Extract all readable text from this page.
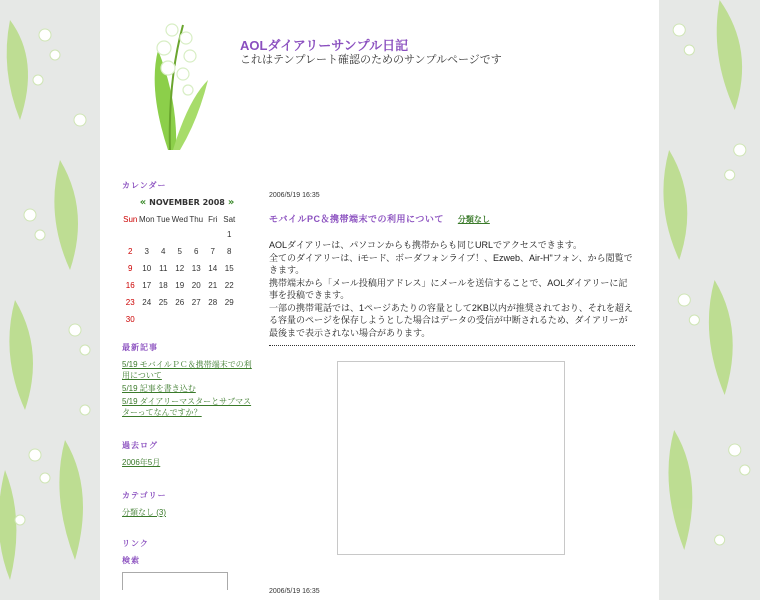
AOLダイアリーサンプル日記
これはテンプレート確認のためのサンプルページです
カレンダー
« NOVEMBER 2008 »
Sun	Mon	Tue	Wed	Thu	Fri	Sat
						1
2	3	4	5	6	7	8
9	10	11	12	13	14	15
16	17	18	19	20	21	22
23	24	25	26	27	28	29
30						
最新記事
5/19 モバイルＰＣ＆携帯端末での利用について
5/19 記事を書き込む
5/19 ダイアリーマスターとサブマスターってなんですか？
過去ログ
2006年5月
カテゴリー
分類なし (3)
リンク
検索
2006/5/19 16:35
モバイルPC＆携帯端末での利用について 分類なし

AOLダイアリーは、パソコンからも携帯からも同じURLでアクセスできます。

全てのダイアリーは、iモード、ボーダフォンライブ！、Ezweb、Air-H"フォン、から閲覧できます。

携帯端末から「メール投稿用アドレス」にメールを送信することで、AOLダイアリーに記事を投稿できます。

一部の携帯電話では、1ページあたりの容量として2KB以内が推奨されており、それを超える容量のページを保存しようとした場合はデータの受信が中断されるため、ダイアリーが最後まで表示されない場合があります。

2006/5/19 16:35
